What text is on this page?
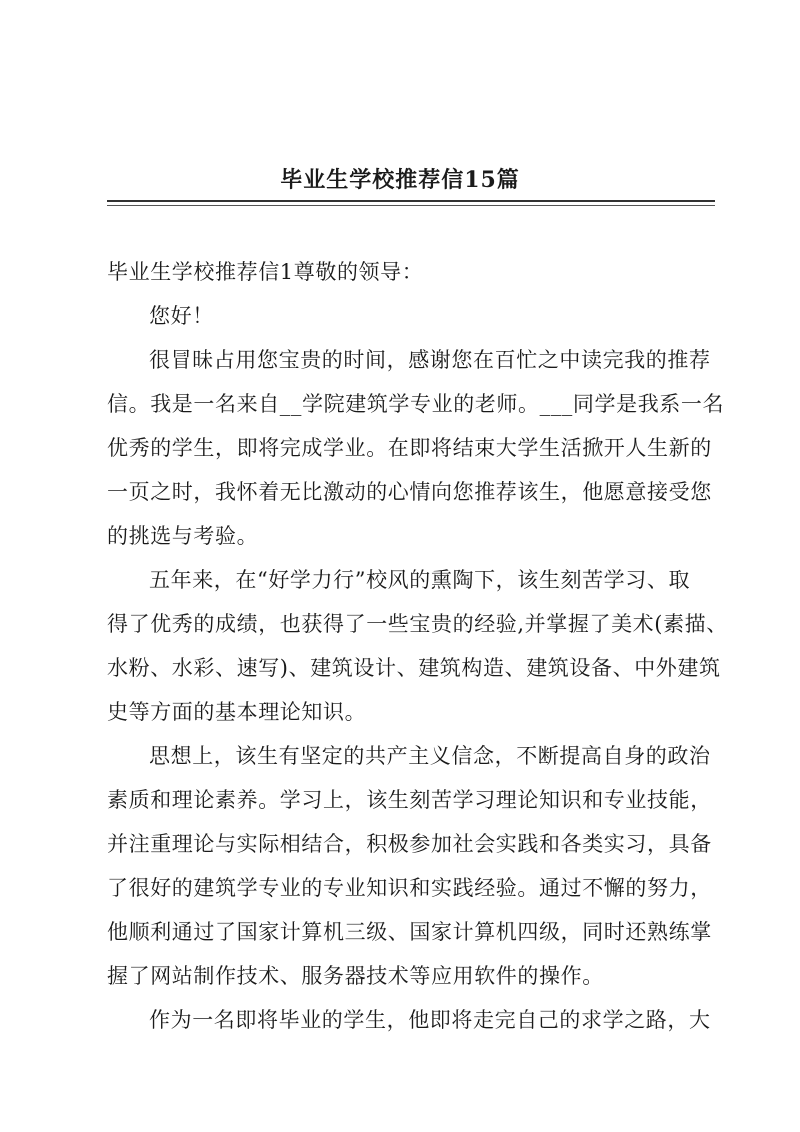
毕业生学校推荐信15篇
毕业生学校推荐信1尊敬的领导：
您好！
很冒昧占用您宝贵的时间，感谢您在百忙之中读完我的推荐
信。我是一名来自__学院建筑学专业的老师。___同学是我系一名
优秀的学生，即将完成学业。在即将结束大学生活掀开人生新的
一页之时，我怀着无比激动的心情向您推荐该生，他愿意接受您
的挑选与考验。
五年来，在“好学力行”校风的熏陶下，该生刻苦学习、取
得了优秀的成绩，也获得了一些宝贵的经验,并掌握了美术(素描、
水粉、水彩、速写)、建筑设计、建筑构造、建筑设备、中外建筑
史等方面的基本理论知识。
思想上，该生有坚定的共产主义信念，不断提高自身的政治
素质和理论素养。学习上，该生刻苦学习理论知识和专业技能，
并注重理论与实际相结合，积极参加社会实践和各类实习，具备
了很好的建筑学专业的专业知识和实践经验。通过不懈的努力，
他顺利通过了国家计算机三级、国家计算机四级，同时还熟练掌
握了网站制作技术、服务器技术等应用软件的操作。
作为一名即将毕业的学生，他即将走完自己的求学之路，大
